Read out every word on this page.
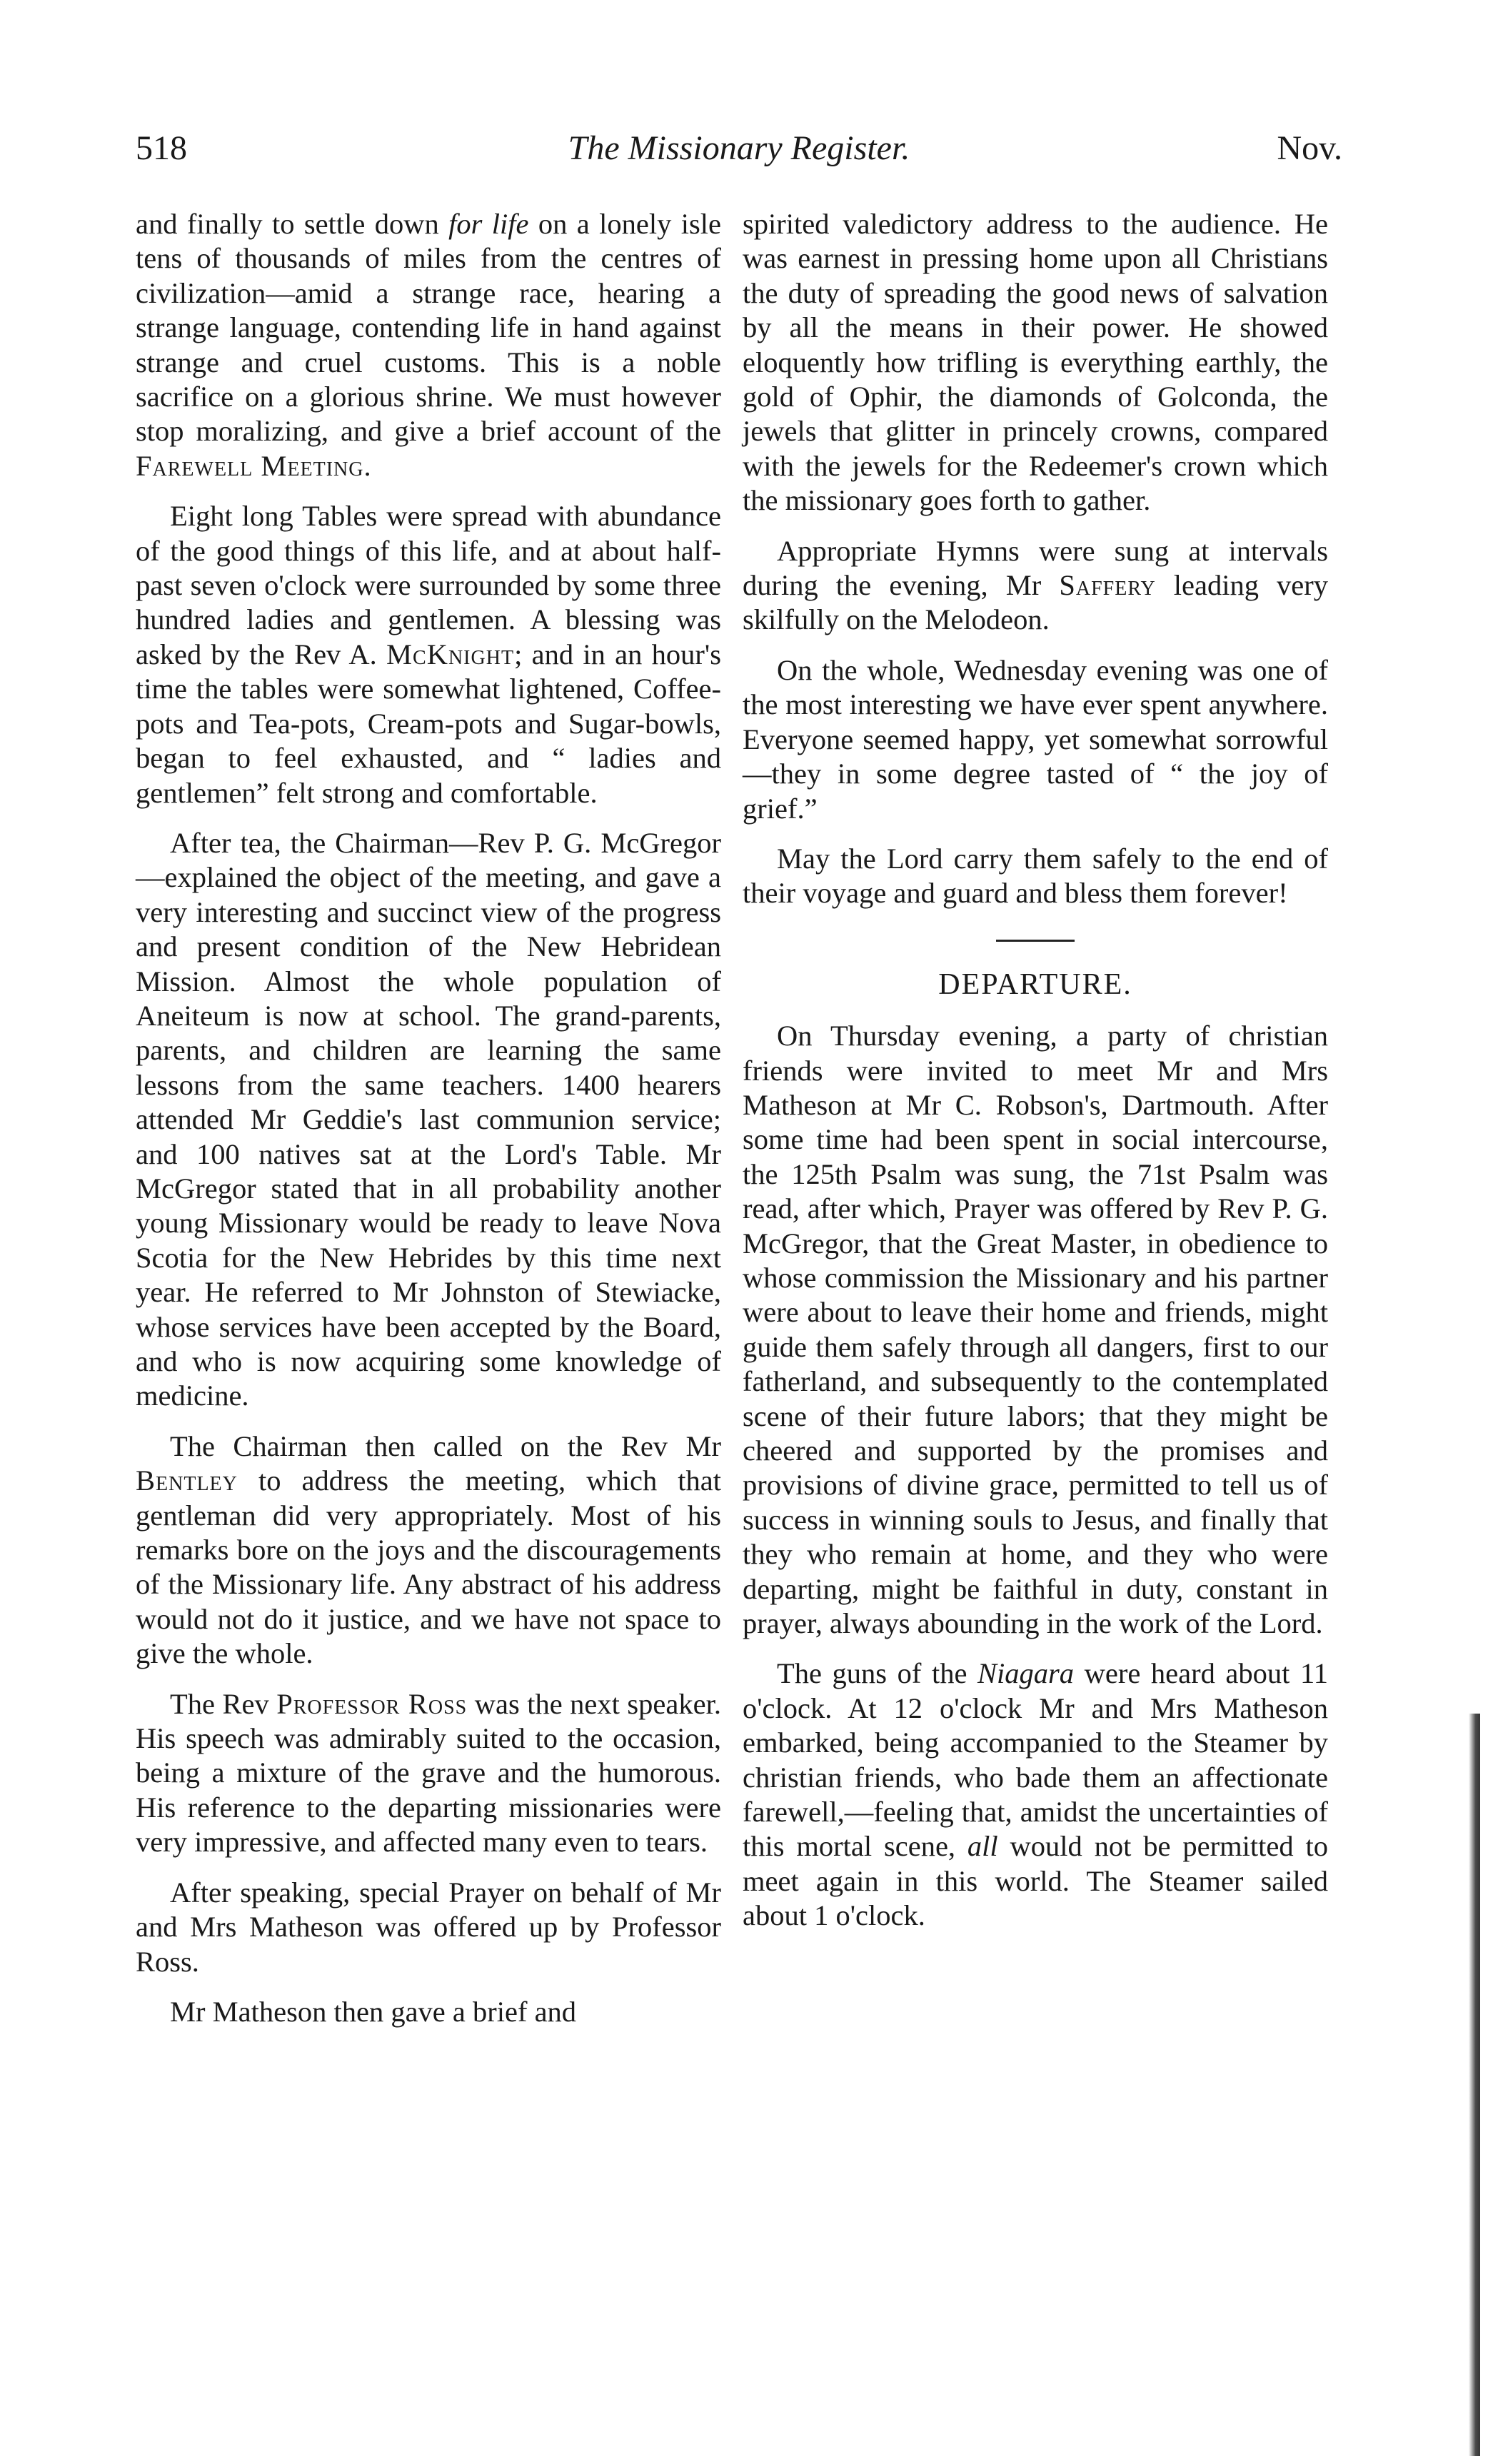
518	The Missionary Register.	Nov.

and finally to settle down for life on a lonely isle tens of thousands of miles from the centres of civilization—amid a strange race, hearing a strange language, contending life in hand against strange and cruel customs. This is a noble sacrifice on a glorious shrine. We must however stop moralizing, and give a brief account of the Farewell Meeting.

Eight long Tables were spread with abundance of the good things of this life, and at about half-past seven o'clock were surrounded by some three hundred ladies and gentlemen. A blessing was asked by the Rev A. McKnight; and in an hour's time the tables were somewhat lightened, Coffee-pots and Tea-pots, Cream-pots and Sugar-bowls, began to feel exhausted, and “ ladies and gentlemen” felt strong and comfortable.

After tea, the Chairman—Rev P. G. McGregor—explained the object of the meeting, and gave a very interesting and succinct view of the progress and present condition of the New Hebridean Mission. Almost the whole population of Aneiteum is now at school. The grand-parents, parents, and children are learning the same lessons from the same teachers. 1400 hearers attended Mr Geddie's last communion service; and 100 natives sat at the Lord's Table. Mr McGregor stated that in all probability another young Missionary would be ready to leave Nova Scotia for the New Hebrides by this time next year. He referred to Mr Johnston of Stewiacke, whose services have been accepted by the Board, and who is now acquiring some knowledge of medicine.

The Chairman then called on the Rev Mr Bentley to address the meeting, which that gentleman did very appropriately. Most of his remarks bore on the joys and the discouragements of the Missionary life. Any abstract of his address would not do it justice, and we have not space to give the whole.

The Rev Professor Ross was the next speaker. His speech was admirably suited to the occasion, being a mixture of the grave and the humorous. His reference to the departing missionaries were very impressive, and affected many even to tears.

After speaking, special Prayer on behalf of Mr and Mrs Matheson was offered up by Professor Ross.

Mr Matheson then gave a brief and

spirited valedictory address to the audience. He was earnest in pressing home upon all Christians the duty of spreading the good news of salvation by all the means in their power. He showed eloquently how trifling is everything earthly, the gold of Ophir, the diamonds of Golconda, the jewels that glitter in princely crowns, compared with the jewels for the Redeemer's crown which the missionary goes forth to gather.

Appropriate Hymns were sung at intervals during the evening, Mr Saffery leading very skilfully on the Melodeon.

On the whole, Wednesday evening was one of the most interesting we have ever spent anywhere. Everyone seemed happy, yet somewhat sorrowful—they in some degree tasted of “ the joy of grief.”

May the Lord carry them safely to the end of their voyage and guard and bless them forever!

DEPARTURE.

On Thursday evening, a party of christian friends were invited to meet Mr and Mrs Matheson at Mr C. Robson's, Dartmouth. After some time had been spent in social intercourse, the 125th Psalm was sung, the 71st Psalm was read, after which, Prayer was offered by Rev P. G. McGregor, that the Great Master, in obedience to whose commission the Missionary and his partner were about to leave their home and friends, might guide them safely through all dangers, first to our fatherland, and subsequently to the contemplated scene of their future labors; that they might be cheered and supported by the promises and provisions of divine grace, permitted to tell us of success in winning souls to Jesus, and finally that they who remain at home, and they who were departing, might be faithful in duty, constant in prayer, always abounding in the work of the Lord.

The guns of the Niagara were heard about 11 o'clock. At 12 o'clock Mr and Mrs Matheson embarked, being accompanied to the Steamer by christian friends, who bade them an affectionate farewell,—feeling that, amidst the uncertainties of this mortal scene, all would not be permitted to meet again in this world. The Steamer sailed about 1 o'clock.
